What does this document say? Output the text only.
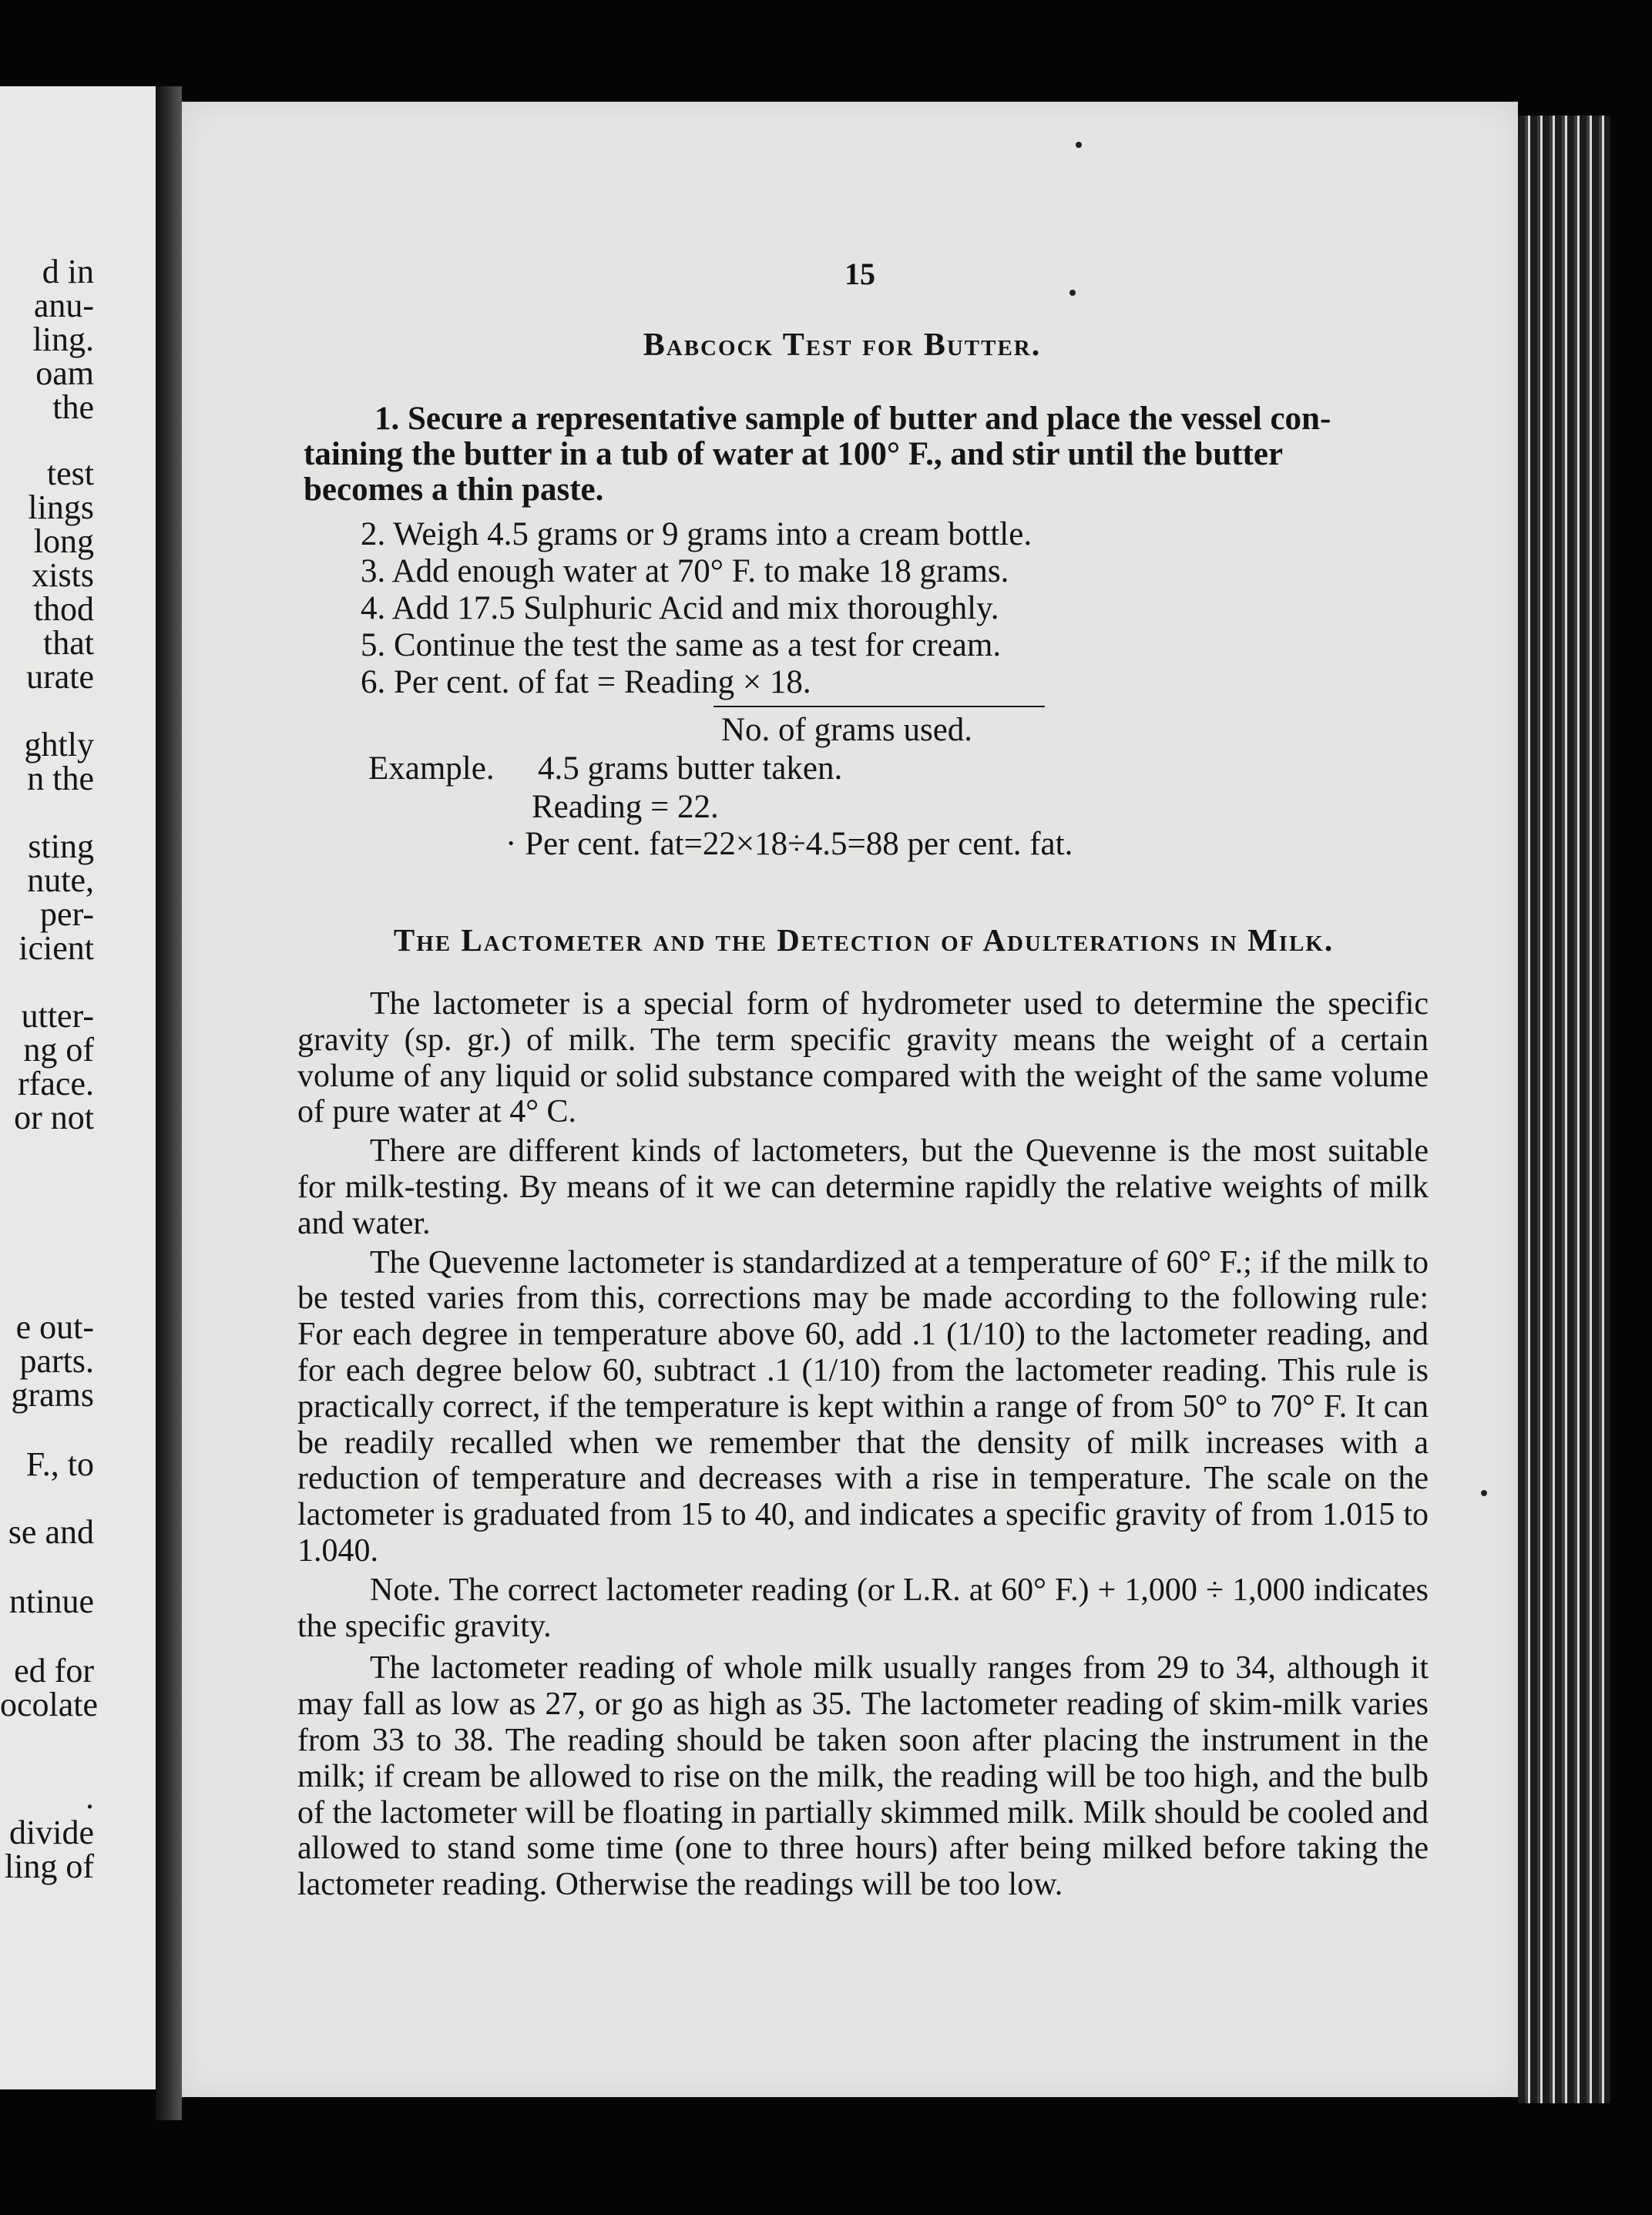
d in
anu-
ling.
oam
the
test
lings
long
xists
thod
that
urate
ghtly
n the
sting
nute,
per-
icient
utter-
ng of
rface.
or not
e out-
parts.
grams
F., to
se and
ntinue
ed for
ocolate
.
divide
ling of
15
Babcock Test for Butter.
1. Secure a representative sample of butter and place the vessel con-
taining the butter in a tub of water at 100° F., and stir until the butter
becomes a thin paste.
2. Weigh 4.5 grams or 9 grams into a cream bottle.
3. Add enough water at 70° F. to make 18 grams.
4. Add 17.5 Sulphuric Acid and mix thoroughly.
5. Continue the test the same as a test for cream.
6. Per cent. of fat = Reading × 18.
No. of grams used.
Example. 4.5 grams butter taken.
Reading = 22.
· Per cent. fat=22×18÷4.5=88 per cent. fat.
The Lactometer and the Detection of Adulterations in Milk.

The lactometer is a special form of hydrometer used to determine the specific gravity (sp. gr.) of milk. The term specific gravity means the weight of a certain volume of any liquid or solid substance compared with the weight of the same volume of pure water at 4° C.

There are different kinds of lactometers, but the Quevenne is the most suitable for milk-testing. By means of it we can determine rapidly the relative weights of milk and water.

The Quevenne lactometer is standardized at a temperature of 60° F.; if the milk to be tested varies from this, corrections may be made according to the following rule: For each degree in temperature above 60, add .1 (1/10) to the lactometer reading, and for each degree below 60, subtract .1 (1/10) from the lactometer reading. This rule is practically correct, if the temperature is kept within a range of from 50° to 70° F. It can be readily recalled when we remember that the density of milk increases with a reduction of temperature and decreases with a rise in temperature. The scale on the lactometer is graduated from 15 to 40, and indicates a specific gravity of from 1.015 to 1.040.

Note. The correct lactometer reading (or L.R. at 60° F.) + 1,000 ÷ 1,000 indicates the specific gravity.

The lactometer reading of whole milk usually ranges from 29 to 34, although it may fall as low as 27, or go as high as 35. The lactometer reading of skim-milk varies from 33 to 38. The reading should be taken soon after placing the instrument in the milk; if cream be allowed to rise on the milk, the reading will be too high, and the bulb of the lactometer will be floating in partially skimmed milk. Milk should be cooled and allowed to stand some time (one to three hours) after being milked before taking the lactometer reading. Otherwise the readings will be too low.
